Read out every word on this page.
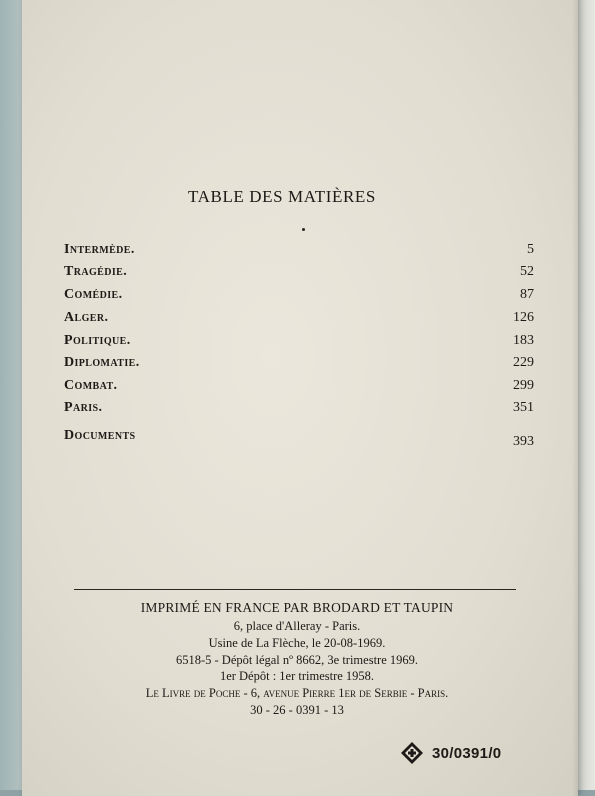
TABLE DES MATIÈRES
Intermède.	5
Tragédie.	52
Comédie.	87
Alger.	126
Politique.	183
Diplomatie.	229
Combat.	299
Paris.	351
Documents	393
IMPRIMÉ EN FRANCE PAR BRODARD ET TAUPIN
6, place d'Alleray - Paris.
Usine de La Flèche, le 20-08-1969.
6518-5 - Dépôt légal nº 8662, 3e trimestre 1969.
1er Dépôt : 1er trimestre 1958.
Le Livre de Poche - 6, avenue Pierre 1er de Serbie - Paris.
30 - 26 - 0391 - 13
30/0391/0
